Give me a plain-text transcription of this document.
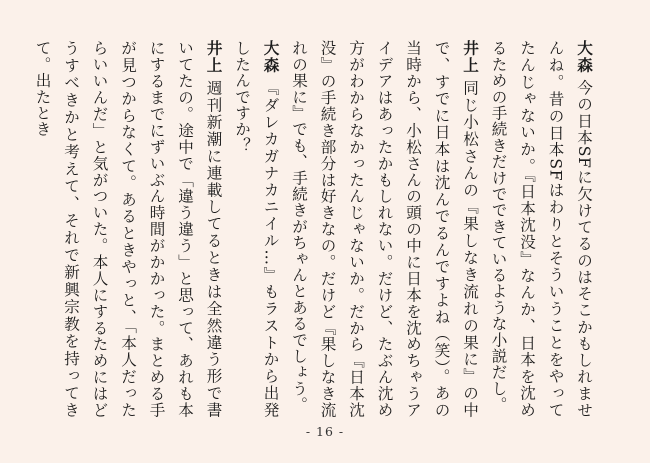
大森今の日本SFに欠けてるのはそこかもしれませんね。昔の日本SFはわりとそういうことをやってたんじゃないか。『日本沈没』なんか、日本を沈めるための手続きだけでできているような小説だし。

井上同じ小松さんの『果しなき流れの果に』の中で、すでに日本は沈んでるんですよね（笑）。あの当時から、小松さんの頭の中に日本を沈めちゃうアイデアはあったかもしれない。だけど、たぶん沈め方がわからなかったんじゃないか。だから『日本沈没』の手続き部分は好きなの。だけど『果しなき流れの果に』でも、手続きがちゃんとあるでしょう。

大森『ダレカガナカニイル…』もラストから出発したんですか？

井上週刊新潮に連載してるときは全然違う形で書いてたの。途中で「違う違う」と思って、あれも本にするまでにずいぶん時間がかかった。まとめる手が見つからなくて。あるときやっと、「本人だったらいいんだ」と気がついた。本人にするためにはどうすべきかと考えて、それで新興宗教を持ってきて。出たとき

- 16 -
